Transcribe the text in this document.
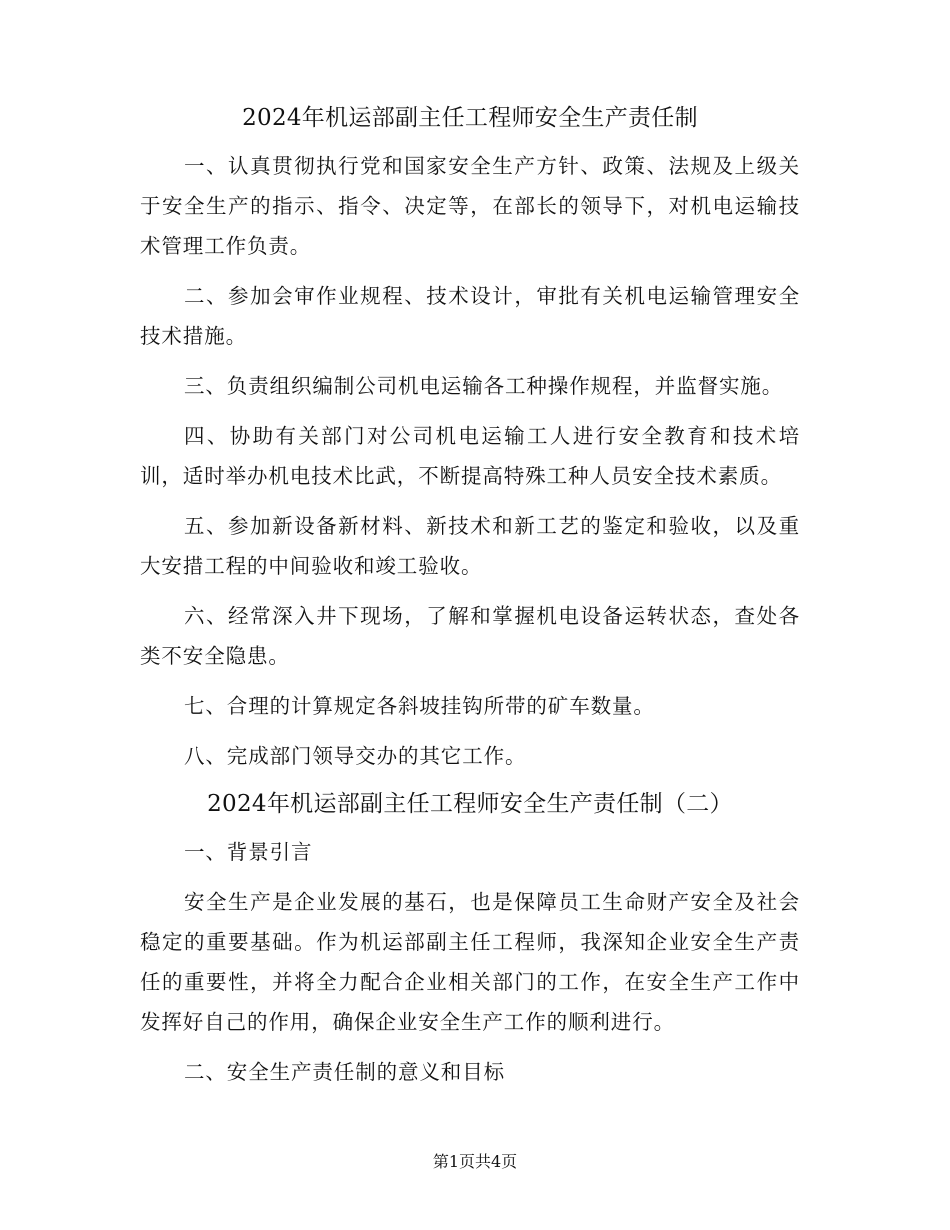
2024年机运部副主任工程师安全生产责任制

一、认真贯彻执行党和国家安全生产方针、政策、法规及上级关于安全生产的指示、指令、决定等，在部长的领导下，对机电运输技术管理工作负责。

二、参加会审作业规程、技术设计，审批有关机电运输管理安全技术措施。

三、负责组织编制公司机电运输各工种操作规程，并监督实施。

四、协助有关部门对公司机电运输工人进行安全教育和技术培训，适时举办机电技术比武，不断提高特殊工种人员安全技术素质。

五、参加新设备新材料、新技术和新工艺的鉴定和验收，以及重大安措工程的中间验收和竣工验收。

六、经常深入井下现场，了解和掌握机电设备运转状态，查处各类不安全隐患。

七、合理的计算规定各斜坡挂钩所带的矿车数量。

八、完成部门领导交办的其它工作。

2024年机运部副主任工程师安全生产责任制（二）

一、背景引言

安全生产是企业发展的基石，也是保障员工生命财产安全及社会稳定的重要基础。作为机运部副主任工程师，我深知企业安全生产责任的重要性，并将全力配合企业相关部门的工作，在安全生产工作中发挥好自己的作用，确保企业安全生产工作的顺利进行。

二、安全生产责任制的意义和目标

第1页共4页
